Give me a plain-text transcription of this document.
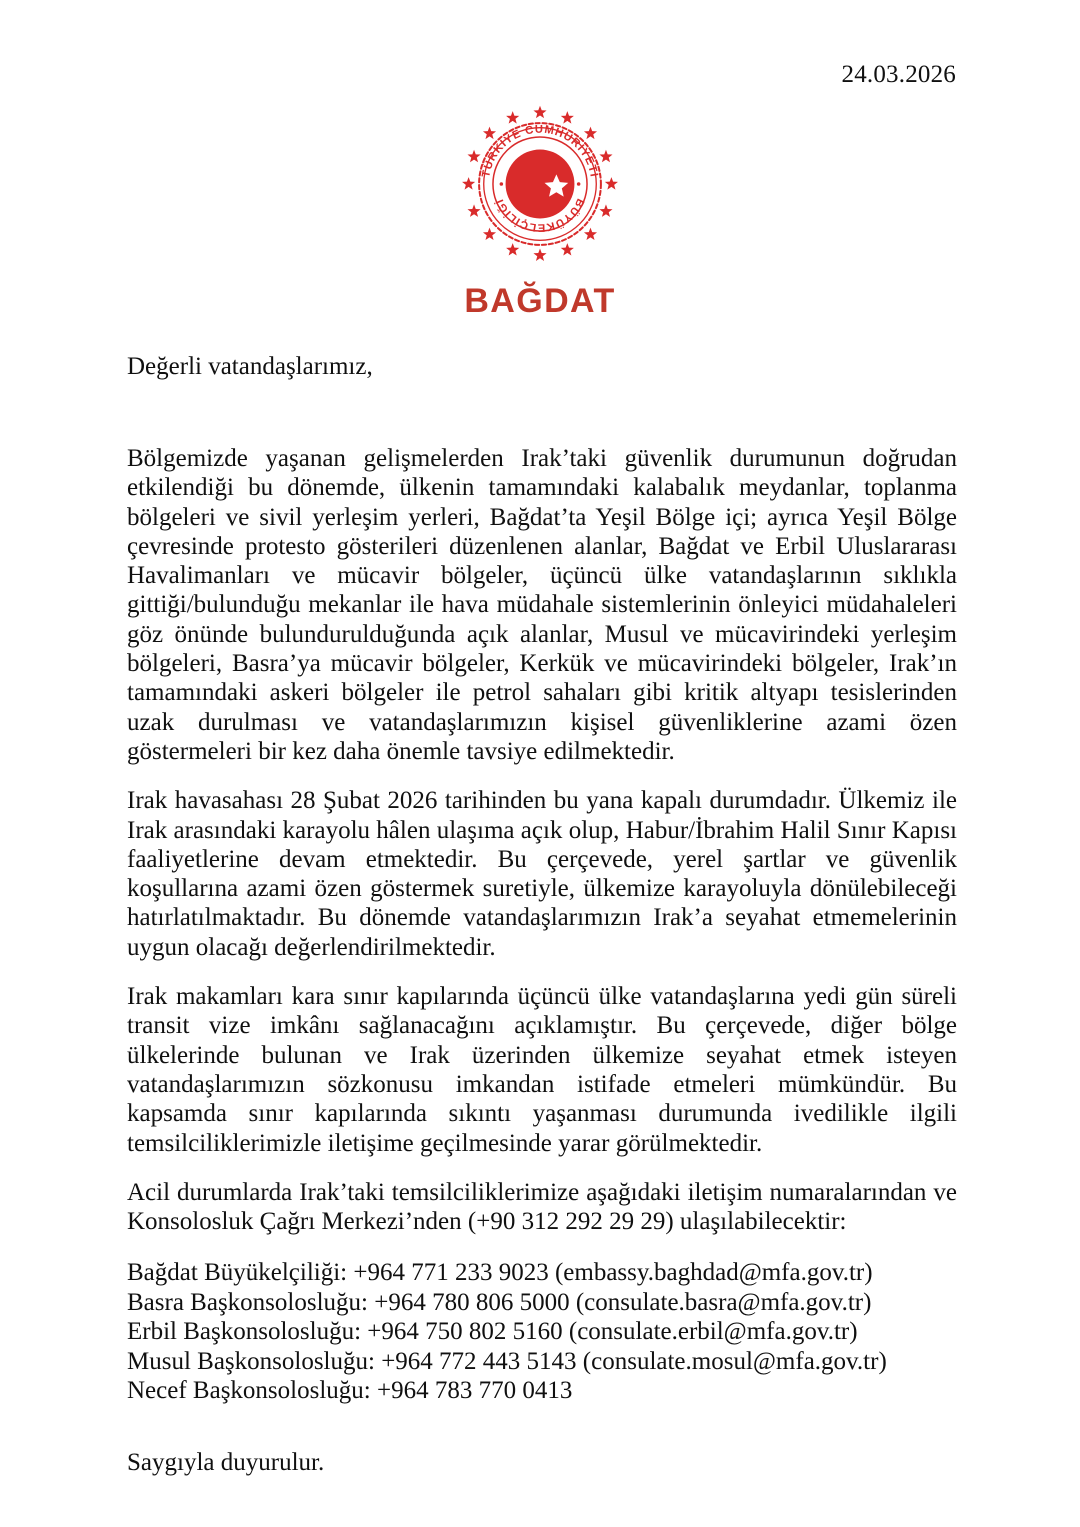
24.03.2026
TÜRKİYE CUMHURİYETİ
BÜYÜKELÇİLİĞİ
BAĞDAT
Değerli vatandaşlarımız,

Bölgemizde yaşanan gelişmelerden Irak’taki güvenlik durumunun doğrudan etkilendiği bu dönemde, ülkenin tamamındaki kalabalık meydanlar, toplanma bölgeleri ve sivil yerleşim yerleri, Bağdat’ta Yeşil Bölge içi; ayrıca Yeşil Bölge çevresinde protesto gösterileri düzenlenen alanlar, Bağdat ve Erbil Uluslararası Havalimanları ve mücavir bölgeler, üçüncü ülke vatandaşlarının sıklıkla gittiği/bulunduğu mekanlar ile hava müdahale sistemlerinin önleyici müdahaleleri göz önünde bulundurulduğunda açık alanlar, Musul ve mücavirindeki yerleşim bölgeleri, Basra’ya mücavir bölgeler, Kerkük ve mücavirindeki bölgeler, Irak’ın tamamındaki askeri bölgeler ile petrol sahaları gibi kritik altyapı tesislerinden uzak durulması ve vatandaşlarımızın kişisel güvenliklerine azami özen göstermeleri bir kez daha önemle tavsiye edilmektedir.

Irak havasahası 28 Şubat 2026 tarihinden bu yana kapalı durumdadır. Ülkemiz ile Irak arasındaki karayolu hâlen ulaşıma açık olup, Habur/İbrahim Halil Sınır Kapısı faaliyetlerine devam etmektedir. Bu çerçevede, yerel şartlar ve güvenlik koşullarına azami özen göstermek suretiyle, ülkemize karayoluyla dönülebileceği hatırlatılmaktadır. Bu dönemde vatandaşlarımızın Irak’a seyahat etmemelerinin uygun olacağı değerlendirilmektedir.

Irak makamları kara sınır kapılarında üçüncü ülke vatandaşlarına yedi gün süreli transit vize imkânı sağlanacağını açıklamıştır. Bu çerçevede, diğer bölge ülkelerinde bulunan ve Irak üzerinden ülkemize seyahat etmek isteyen vatandaşlarımızın sözkonusu imkandan istifade etmeleri mümkündür. Bu kapsamda sınır kapılarında sıkıntı yaşanması durumunda ivedilikle ilgili temsilciliklerimizle iletişime geçilmesinde yarar görülmektedir.

Acil durumlarda Irak’taki temsilciliklerimize aşağıdaki iletişim numaralarından ve Konsolosluk Çağrı Merkezi’nden (+90 312 292 29 29) ulaşılabilecektir:

Bağdat Büyükelçiliği: +964 771 233 9023 (embassy.baghdad@mfa.gov.tr)
Basra Başkonsolosluğu: +964 780 806 5000 (consulate.basra@mfa.gov.tr)
Erbil Başkonsolosluğu: +964 750 802 5160 (consulate.erbil@mfa.gov.tr)
Musul Başkonsolosluğu: +964 772 443 5143 (consulate.mosul@mfa.gov.tr)
Necef Başkonsolosluğu: +964 783 770 0413
Saygıyla duyurulur.
